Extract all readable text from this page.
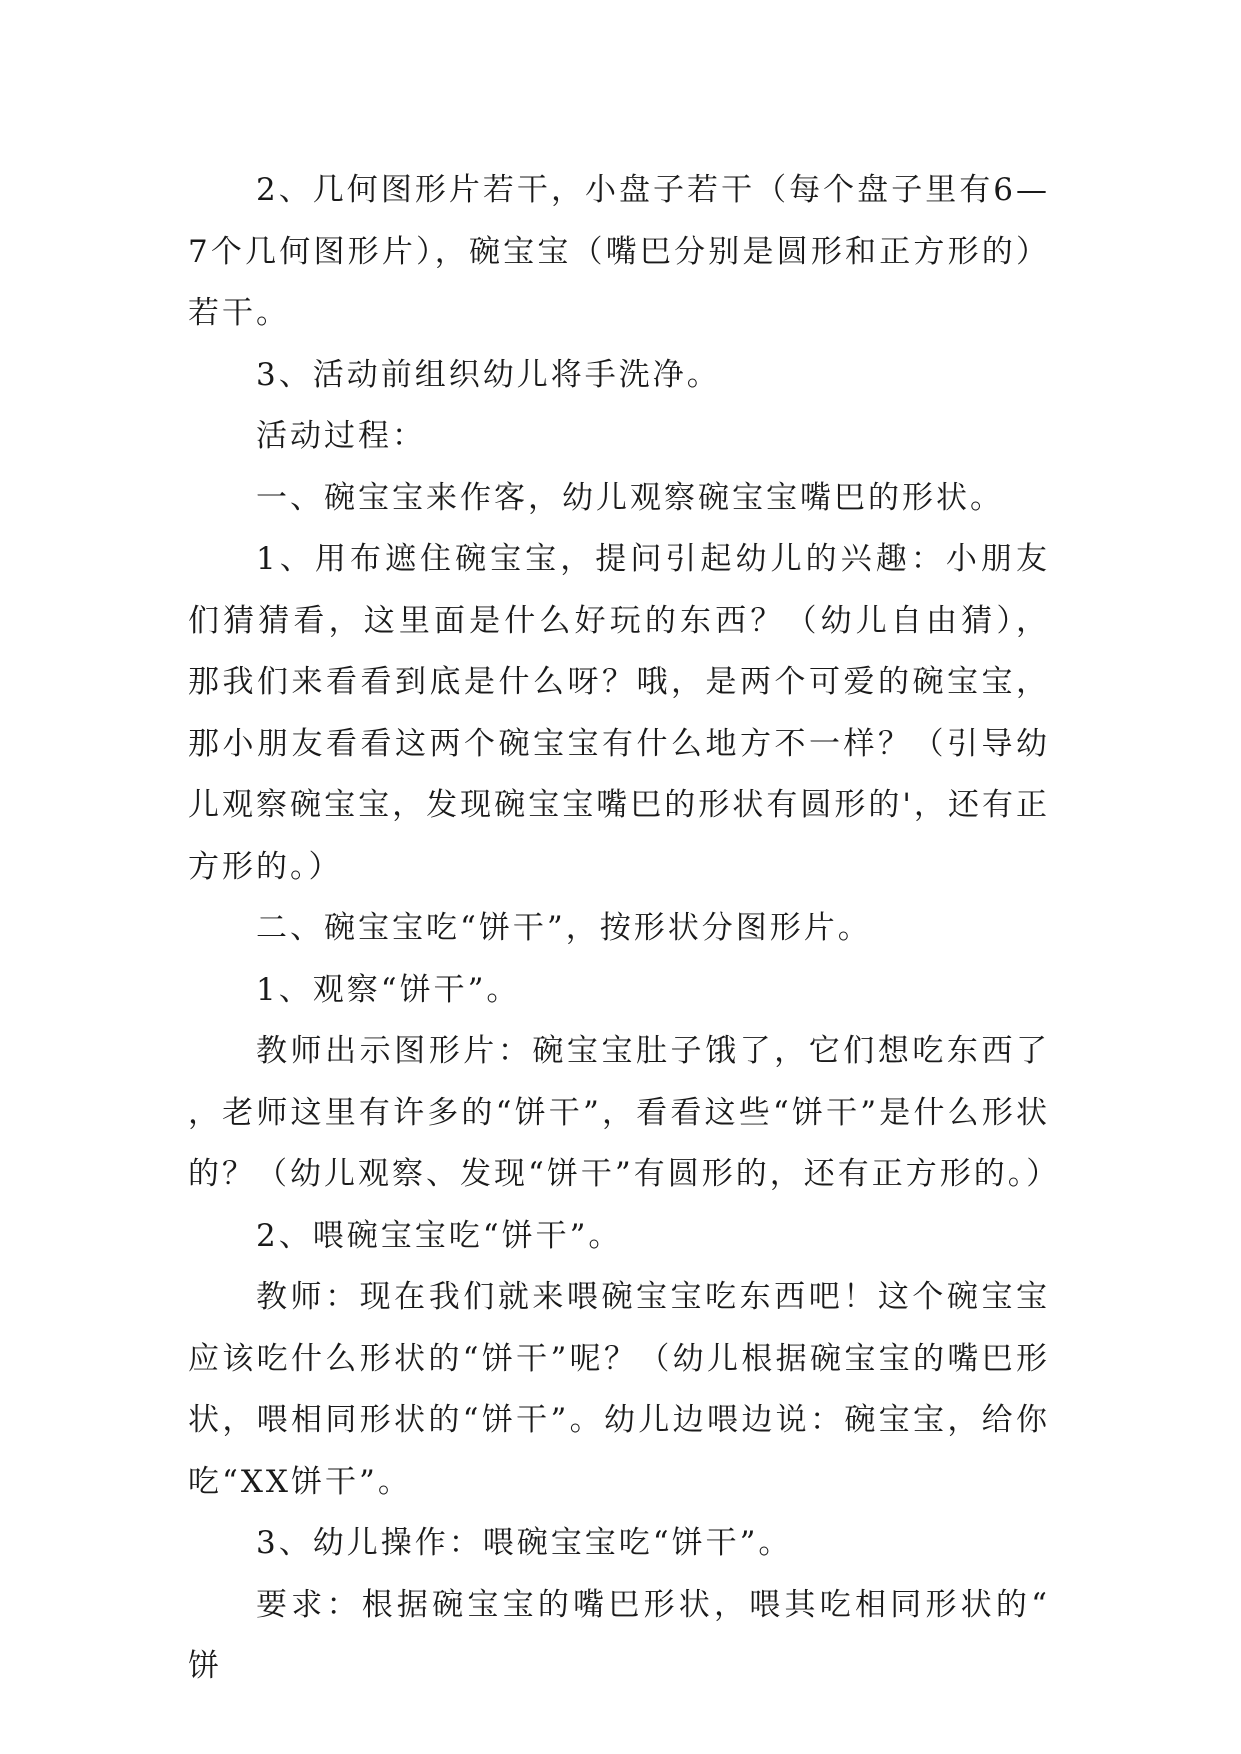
2、几何图形片若干，小盘子若干（每个盘子里有6—7个几何图形片），碗宝宝（嘴巴分别是圆形和正方形的）若干。

3、活动前组织幼儿将手洗净。

活动过程：

一、碗宝宝来作客，幼儿观察碗宝宝嘴巴的形状。

1、用布遮住碗宝宝，提问引起幼儿的兴趣：小朋友们猜猜看，这里面是什么好玩的东西？（幼儿自由猜），那我们来看看到底是什么呀？哦，是两个可爱的碗宝宝，那小朋友看看这两个碗宝宝有什么地方不一样？（引导幼儿观察碗宝宝，发现碗宝宝嘴巴的形状有圆形的'，还有正方形的。）

二、碗宝宝吃“饼干”，按形状分图形片。

1、观察“饼干”。

教师出示图形片：碗宝宝肚子饿了，它们想吃东西了，老师这里有许多的“饼干”，看看这些“饼干”是什么形状的？（幼儿观察、发现“饼干”有圆形的，还有正方形的。）

2、喂碗宝宝吃“饼干”。

教师：现在我们就来喂碗宝宝吃东西吧！这个碗宝宝应该吃什么形状的“饼干”呢？（幼儿根据碗宝宝的嘴巴形状，喂相同形状的“饼干”。幼儿边喂边说：碗宝宝，给你吃“XX饼干”。

3、幼儿操作：喂碗宝宝吃“饼干”。

要求：根据碗宝宝的嘴巴形状，喂其吃相同形状的“饼
